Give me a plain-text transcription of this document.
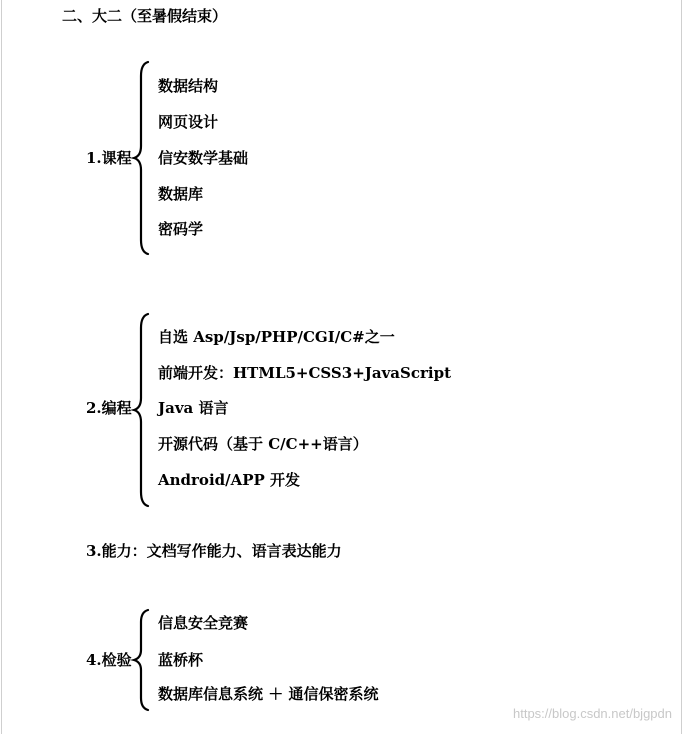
二、大二（至暑假结束）
1.课程
数据结构
网页设计
信安数学基础
数据库
密码学
2.编程
自选 Asp/Jsp/PHP/CGI/C#之一
前端开发：HTML5+CSS3+JavaScript
Java 语言
开源代码（基于 C/C++语言）
Android/APP 开发
3.能力：文档写作能力、语言表达能力
4.检验
信息安全竞赛
蓝桥杯
数据库信息系统 ＋ 通信保密系统
https://blog.csdn.net/bjgpdn
